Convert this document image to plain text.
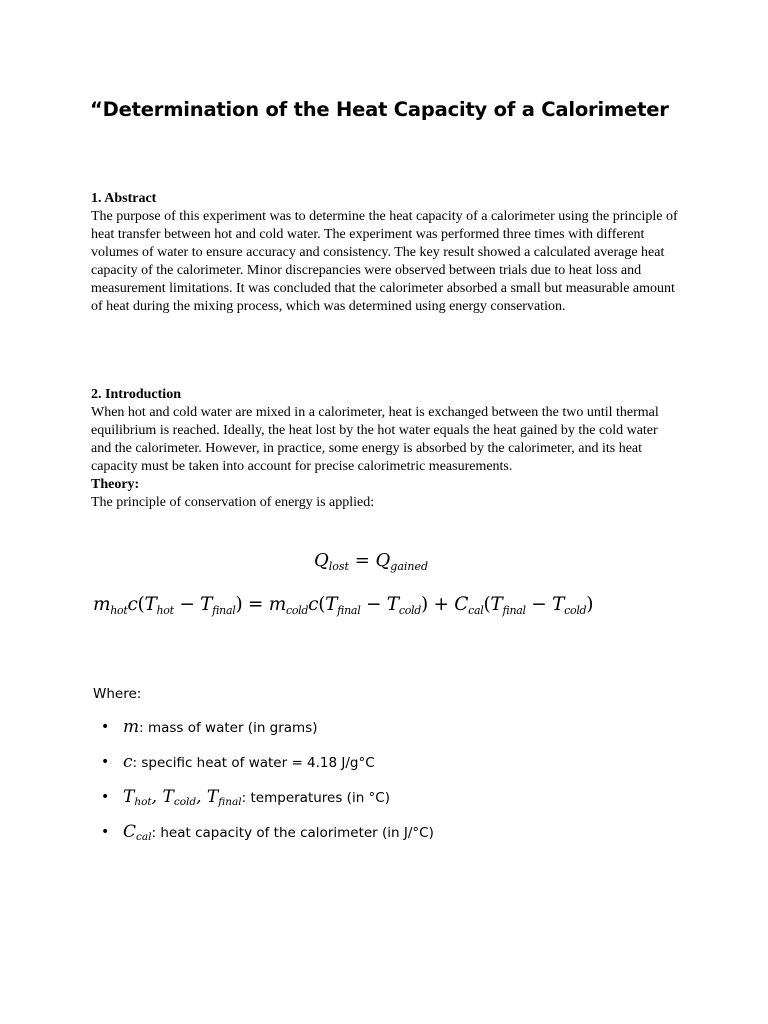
“Determination of the Heat Capacity of a Calorimeter
1. Abstract

The purpose of this experiment was to determine the heat capacity of a calorimeter using the principle of heat transfer between hot and cold water. The experiment was performed three times with different volumes of water to ensure accuracy and consistency. The key result showed a calculated average heat capacity of the calorimeter. Minor discrepancies were observed between trials due to heat loss and measurement limitations. It was concluded that the calorimeter absorbed a small but measurable amount of heat during the mixing process, which was determined using energy conservation.

2. Introduction

When hot and cold water are mixed in a calorimeter, heat is exchanged between the two until thermal equilibrium is reached. Ideally, the heat lost by the hot water equals the heat gained by the cold water and the calorimeter. However, in practice, some energy is absorbed by the calorimeter, and its heat capacity must be taken into account for precise calorimetric measurements.

Theory:

The principle of conservation of energy is applied:

$Q_{lost} = Q_{gained}$
$m_{hot}c(T_{hot} - T_{final}) = m_{cold}c(T_{final} - T_{cold}) + C_{cal}(T_{final} - T_{cold})$
Where:
• m: mass of water (in grams)
• c: specific heat of water = 4.18 J/g°C
• $T_{hot}$, $T_{cold}$, $T_{final}$: temperatures (in °C)
• $C_{cal}$: heat capacity of the calorimeter (in J/°C)
